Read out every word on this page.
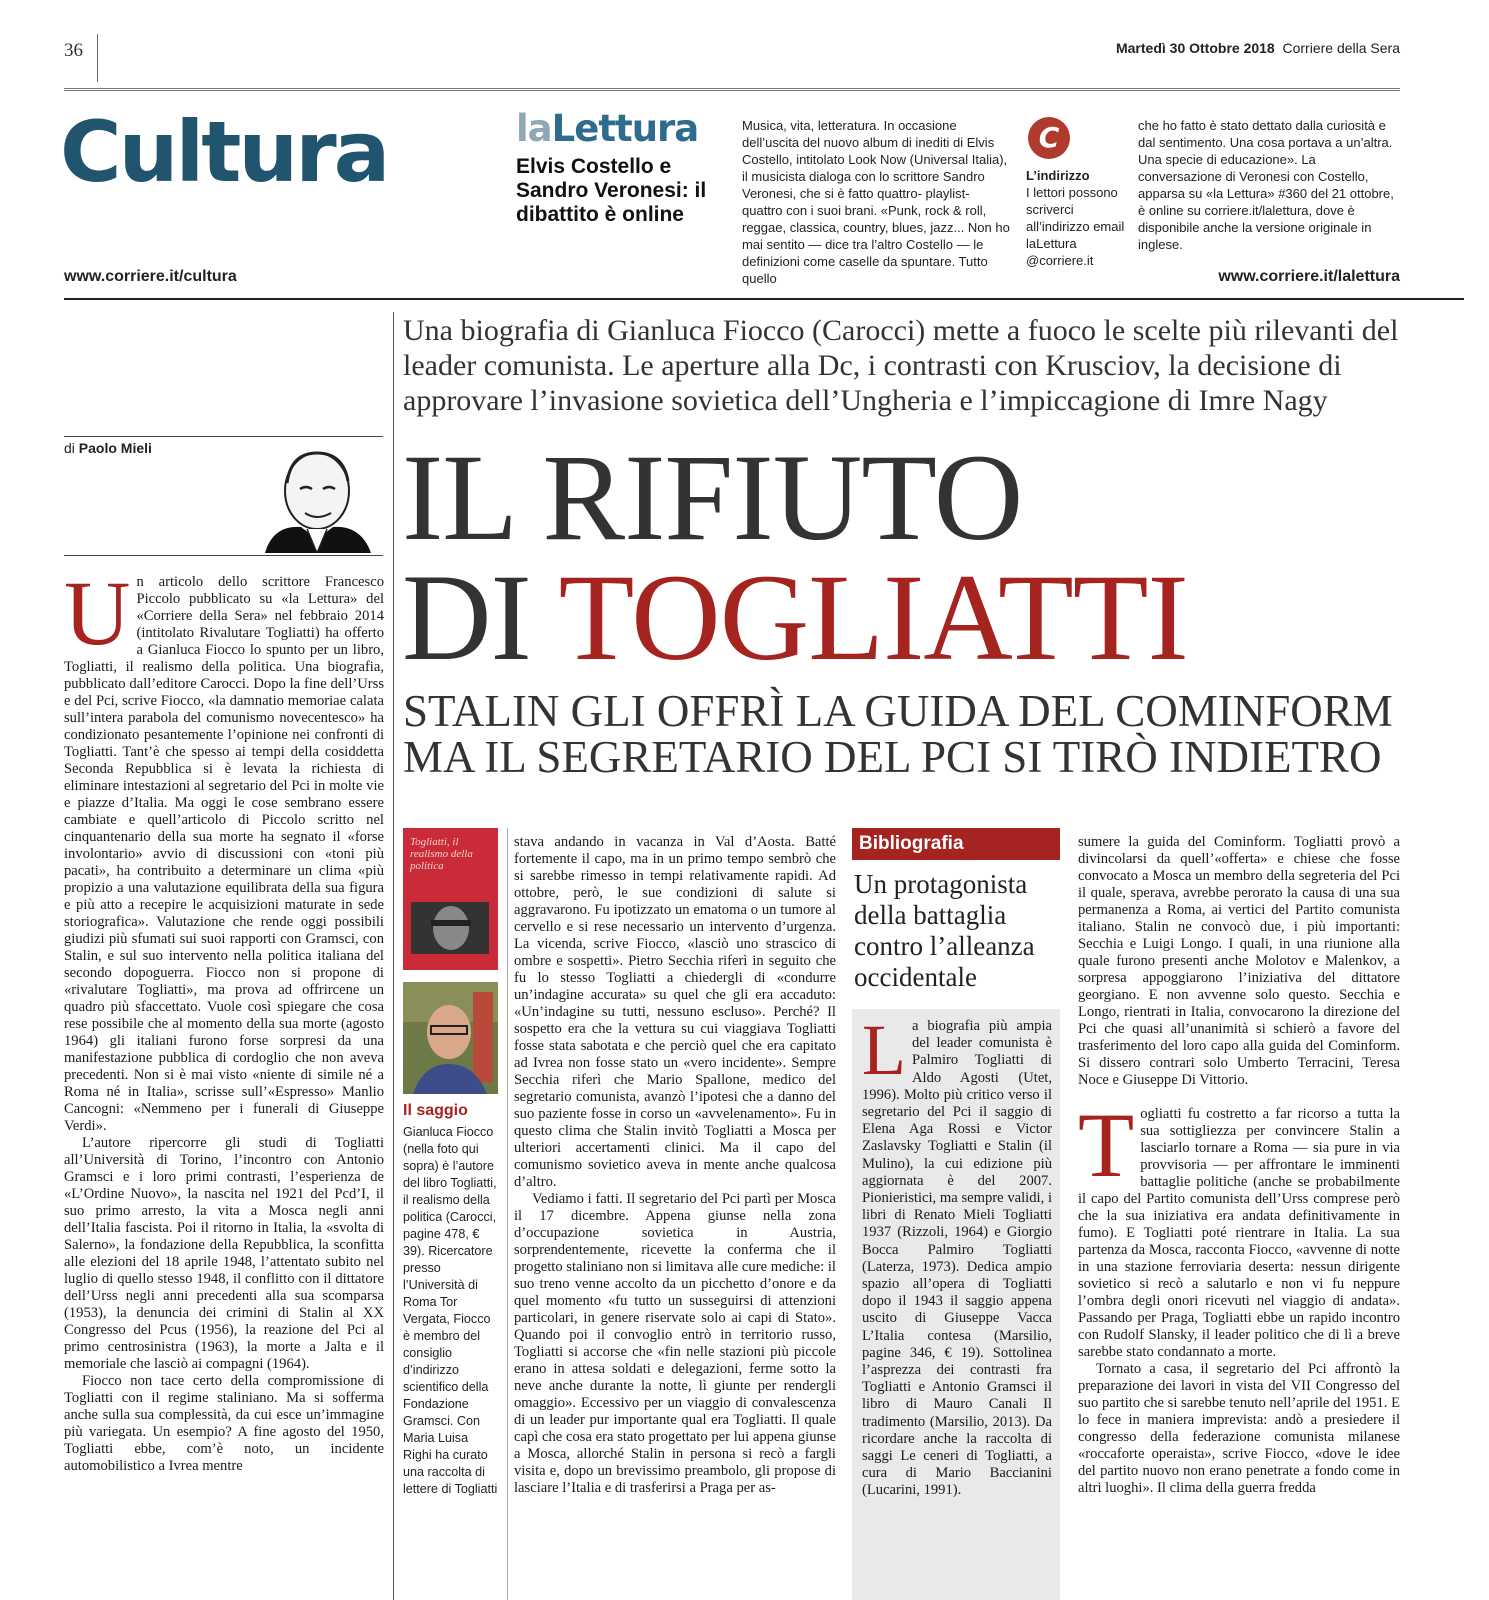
36	Martedì 30 Ottobre 2018 Corriere della Sera
Cultura
www.corriere.it/cultura
laLettura
Elvis Costello e Sandro Veronesi: il dibattito è online
Musica, vita, letteratura. In occasione dell’uscita del nuovo album di inediti di Elvis Costello, intitolato Look Now (Universal Italia), il musicista dialoga con lo scrittore Sandro Veronesi, che si è fatto quattro- playlist- quattro con i suoi brani. «Punk, rock & roll, reggae, classica, country, blues, jazz... Non ho mai sentito — dice tra l’altro Costello — le definizioni come caselle da spuntare. Tutto quello
C
L’indirizzo
I lettori possono scriverci all’indirizzo email laLettura @corriere.it
che ho fatto è stato dettato dalla curiosità e dal sentimento. Una cosa portava a un’altra. Una specie di educazione». La conversazione di Veronesi con Costello, apparsa su «la Lettura» #360 del 21 ottobre, è online su corriere.it/lalettura, dove è disponibile anche la versione originale in inglese.
www.corriere.it/lalettura
Una biografia di Gianluca Fiocco (Carocci) mette a fuoco le scelte più rilevanti del leader comunista. Le aperture alla Dc, i contrasti con Krusciov, la decisione di approvare l’invasione sovietica dell’Ungheria e l’impiccagione di Imre Nagy
IL RIFIUTO
DI TOGLIATTI
STALIN GLI OFFRÌ LA GUIDA DEL COMINFORM MA IL SEGRETARIO DEL PCI SI TIRÒ INDIETRO
di Paolo Mieli

Un articolo dello scrittore Francesco Piccolo pubblicato su «la Lettura» del «Corriere della Sera» nel febbraio 2014 (intitolato Rivalutare Togliatti) ha offerto a Gianluca Fiocco lo spunto per un libro, Togliatti, il realismo della politica. Una biografia, pubblicato dall’editore Carocci. Dopo la fine dell’Urss e del Pci, scrive Fiocco, «la damnatio memoriae calata sull’intera parabola del comunismo novecentesco» ha condizionato pesantemente l’opinione nei confronti di Togliatti. Tant’è che spesso ai tempi della cosiddetta Seconda Repubblica si è levata la richiesta di eliminare intestazioni al segretario del Pci in molte vie e piazze d’Italia. Ma oggi le cose sembrano essere cambiate e quell’articolo di Piccolo scritto nel cinquantenario della sua morte ha segnato il «forse involontario» avvio di discussioni con «toni più pacati», ha contribuito a determinare un clima «più propizio a una valutazione equilibrata della sua figura e più atto a recepire le acquisizioni maturate in sede storiografica». Valutazione che rende oggi possibili giudizi più sfumati sui suoi rapporti con Gramsci, con Stalin, e sul suo intervento nella politica italiana del secondo dopoguerra. Fiocco non si propone di «rivalutare Togliatti», ma prova ad offrircene un quadro più sfaccettato. Vuole così spiegare che cosa rese possibile che al momento della sua morte (agosto 1964) gli italiani furono forse sorpresi da una manifestazione pubblica di cordoglio che non aveva precedenti. Non si è mai visto «niente di simile né a Roma né in Italia», scrisse sull’«Espresso» Manlio Cancogni: «Nemmeno per i funerali di Giuseppe Verdi».

L’autore ripercorre gli studi di Togliatti all’Università di Torino, l’incontro con Antonio Gramsci e i loro primi contrasti, l’esperienza de «L’Ordine Nuovo», la nascita nel 1921 del Pcd’I, il suo primo arresto, la vita a Mosca negli anni dell’Italia fascista. Poi il ritorno in Italia, la «svolta di Salerno», la fondazione della Repubblica, la sconfitta alle elezioni del 18 aprile 1948, l’attentato subito nel luglio di quello stesso 1948, il conflitto con il dittatore dell’Urss negli anni precedenti alla sua scomparsa (1953), la denuncia dei crimini di Stalin al XX Congresso del Pcus (1956), la reazione del Pci al primo centrosinistra (1963), la morte a Jalta e il memoriale che lasciò ai compagni (1964).

Fiocco non tace certo della compromissione di Togliatti con il regime staliniano. Ma si sofferma anche sulla sua complessità, da cui esce un’immagine più variegata. Un esempio? A fine agosto del 1950, Togliatti ebbe, com’è noto, un incidente automobilistico a Ivrea mentre

Togliatti, il realismo della politica
Il saggio
Gianluca Fiocco (nella foto qui sopra) è l’autore del libro Togliatti, il realismo della politica (Carocci, pagine 478, € 39). Ricercatore presso l’Università di Roma Tor Vergata, Fiocco è membro del consiglio d’indirizzo scientifico della Fondazione Gramsci. Con Maria Luisa Righi ha curato una raccolta di lettere di Togliatti

stava andando in vacanza in Val d’Aosta. Batté fortemente il capo, ma in un primo tempo sembrò che si sarebbe rimesso in tempi relativamente rapidi. Ad ottobre, però, le sue condizioni di salute si aggravarono. Fu ipotizzato un ematoma o un tumore al cervello e si rese necessario un intervento d’urgenza. La vicenda, scrive Fiocco, «lasciò uno strascico di ombre e sospetti». Pietro Secchia riferì in seguito che fu lo stesso Togliatti a chiedergli di «condurre un’indagine accurata» su quel che gli era accaduto: «Un’indagine su tutti, nessuno escluso». Perché? Il sospetto era che la vettura su cui viaggiava Togliatti fosse stata sabotata e che perciò quel che era capitato ad Ivrea non fosse stato un «vero incidente». Sempre Secchia riferì che Mario Spallone, medico del segretario comunista, avanzò l’ipotesi che a danno del suo paziente fosse in corso un «avvelenamento». Fu in questo clima che Stalin invitò Togliatti a Mosca per ulteriori accertamenti clinici. Ma il capo del comunismo sovietico aveva in mente anche qualcosa d’altro.

Vediamo i fatti. Il segretario del Pci partì per Mosca il 17 dicembre. Appena giunse nella zona d’occupazione sovietica in Austria, sorprendentemente, ricevette la conferma che il progetto staliniano non si limitava alle cure mediche: il suo treno venne accolto da un picchetto d’onore e da quel momento «fu tutto un susseguirsi di attenzioni particolari, in genere riservate solo ai capi di Stato». Quando poi il convoglio entrò in territorio russo, Togliatti si accorse che «fin nelle stazioni più piccole erano in attesa soldati e delegazioni, ferme sotto la neve anche durante la notte, lì giunte per rendergli omaggio». Eccessivo per un viaggio di convalescenza di un leader pur importante qual era Togliatti. Il quale capì che cosa era stato progettato per lui appena giunse a Mosca, allorché Stalin in persona si recò a fargli visita e, dopo un brevissimo preambolo, gli propose di lasciare l’Italia e di trasferirsi a Praga per as-

Bibliografia
Un protagonista della battaglia contro l’alleanza occidentale

La biografia più ampia del leader comunista è Palmiro Togliatti di Aldo Agosti (Utet, 1996). Molto più critico verso il segretario del Pci il saggio di Elena Aga Rossi e Victor Zaslavsky Togliatti e Stalin (il Mulino), la cui edizione più aggiornata è del 2007. Pionieristici, ma sempre validi, i libri di Renato Mieli Togliatti 1937 (Rizzoli, 1964) e Giorgio Bocca Palmiro Togliatti (Laterza, 1973). Dedica ampio spazio all’opera di Togliatti dopo il 1943 il saggio appena uscito di Giuseppe Vacca L’Italia contesa (Marsilio, pagine 346, € 19). Sottolinea l’asprezza dei contrasti fra Togliatti e Antonio Gramsci il libro di Mauro Canali Il tradimento (Marsilio, 2013). Da ricordare anche la raccolta di saggi Le ceneri di Togliatti, a cura di Mario Baccianini (Lucarini, 1991).

sumere la guida del Cominform. Togliatti provò a divincolarsi da quell’«offerta» e chiese che fosse convocato a Mosca un membro della segreteria del Pci il quale, sperava, avrebbe perorato la causa di una sua permanenza a Roma, ai vertici del Partito comunista italiano. Stalin ne convocò due, i più importanti: Secchia e Luigi Longo. I quali, in una riunione alla quale furono presenti anche Molotov e Malenkov, a sorpresa appoggiarono l’iniziativa del dittatore georgiano. E non avvenne solo questo. Secchia e Longo, rientrati in Italia, convocarono la direzione del Pci che quasi all’unanimità si schierò a favore del trasferimento del loro capo alla guida del Cominform. Si dissero contrari solo Umberto Terracini, Teresa Noce e Giuseppe Di Vittorio.

Togliatti fu costretto a far ricorso a tutta la sua sottigliezza per convincere Stalin a lasciarlo tornare a Roma — sia pure in via provvisoria — per affrontare le imminenti battaglie politiche (anche se probabilmente il capo del Partito comunista dell’Urss comprese però che la sua iniziativa era andata definitivamente in fumo). E Togliatti poté rientrare in Italia. La sua partenza da Mosca, racconta Fiocco, «avvenne di notte in una stazione ferroviaria deserta: nessun dirigente sovietico si recò a salutarlo e non vi fu neppure l’ombra degli onori ricevuti nel viaggio di andata». Passando per Praga, Togliatti ebbe un rapido incontro con Rudolf Slansky, il leader politico che di lì a breve sarebbe stato condannato a morte.

Tornato a casa, il segretario del Pci affrontò la preparazione dei lavori in vista del VII Congresso del suo partito che si sarebbe tenuto nell’aprile del 1951. E lo fece in maniera imprevista: andò a presiedere il congresso della federazione comunista milanese «roccaforte operaista», scrive Fiocco, «dove le idee del partito nuovo non erano penetrate a fondo come in altri luoghi». Il clima della guerra fredda
